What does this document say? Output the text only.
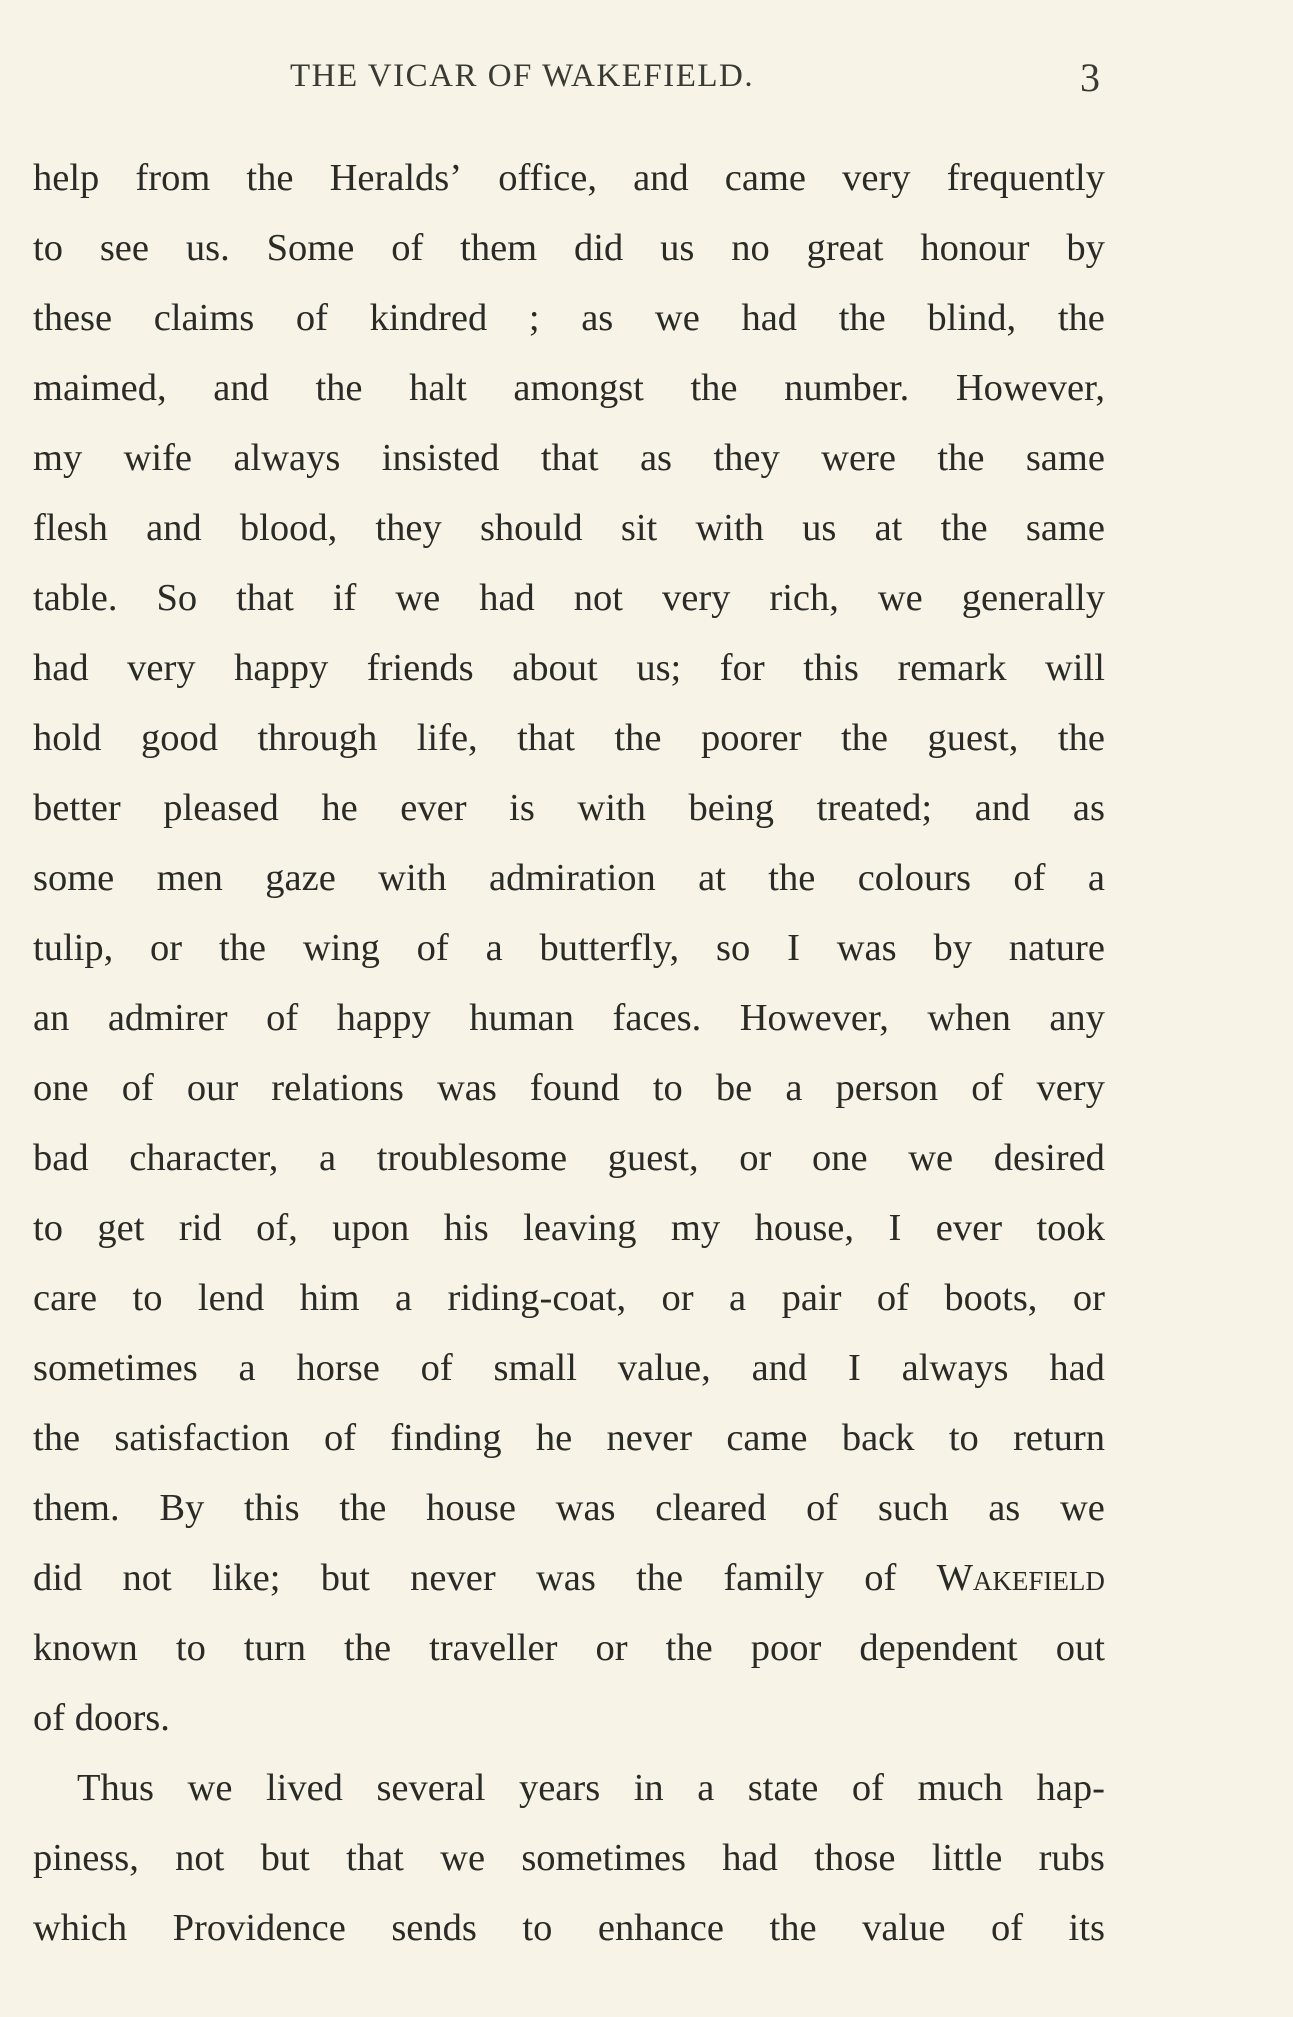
THE VICAR OF WAKEFIELD.	3
help from the Heralds’ office, and came very frequently
to see us. Some of them did us no great honour by
these claims of kindred ; as we had the blind, the
maimed, and the halt amongst the number. However,
my wife always insisted that as they were the same
flesh and blood, they should sit with us at the same
table. So that if we had not very rich, we generally
had very happy friends about us; for this remark will
hold good through life, that the poorer the guest, the
better pleased he ever is with being treated; and as
some men gaze with admiration at the colours of a
tulip, or the wing of a butterfly, so I was by nature
an admirer of happy human faces. However, when any
one of our relations was found to be a person of very
bad character, a troublesome guest, or one we desired
to get rid of, upon his leaving my house, I ever took
care to lend him a riding-coat, or a pair of boots, or
sometimes a horse of small value, and I always had
the satisfaction of finding he never came back to return
them. By this the house was cleared of such as we
did not like; but never was the family of Wakefield
known to turn the traveller or the poor dependent out
of doors.
Thus we lived several years in a state of much hap-
piness, not but that we sometimes had those little rubs
which Providence sends to enhance the value of its
